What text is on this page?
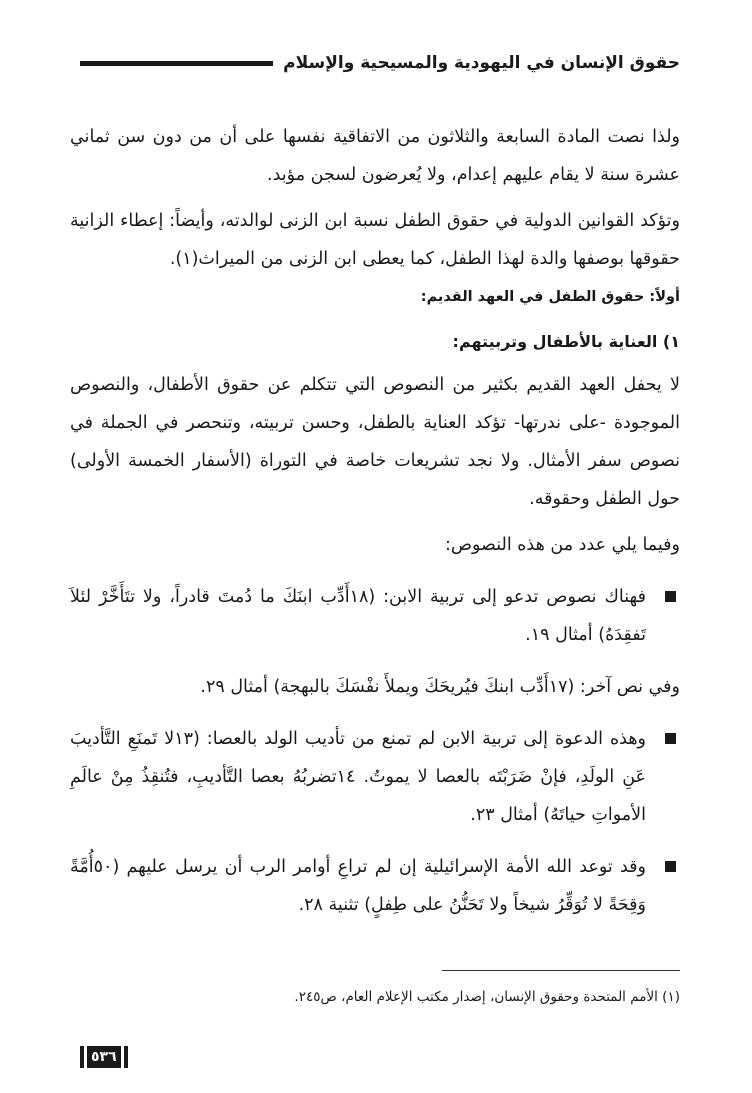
حقوق الإنسان في اليهودية والمسيحية والإسلام

ولذا نصت المادة السابعة والثلاثون من الاتفاقية نفسها على أن من دون سن ثماني عشرة سنة لا يقام عليهم إعدام، ولا يُعرضون لسجن مؤبد.

وتؤكد القوانين الدولية في حقوق الطفل نسبة ابن الزنى لوالدته، وأيضاً: إعطاء الزانية حقوقها بوصفها والدة لهذا الطفل، كما يعطى ابن الزنى من الميراث(١).

أولاً: حقوق الطفل في العهد القديم:

١) العناية بالأطفال وتربيتهم:

لا يحفل العهد القديم بكثير من النصوص التي تتكلم عن حقوق الأطفال، والنصوص الموجودة -على ندرتها- تؤكد العناية بالطفل، وحسن تربيته، وتنحصر في الجملة في نصوص سفر الأمثال. ولا نجد تشريعات خاصة في التوراة (الأسفار الخمسة الأولى) حول الطفل وحقوقه.

وفيما يلي عدد من هذه النصوص:

فهناك نصوص تدعو إلى تربية الابن: (١٨أَدِّب ابنَكَ ما دُمتَ قادراً، ولا تتَأَخَّرْ لئلاَ تَفقِدَهُ) أمثال ١٩.

وفي نص آخر: (١٧أَدِّب ابنكَ فيُريحَكَ ويملأَ نفْسَكَ بالبهجة) أمثال ٢٩.

وهذه الدعوة إلى تربية الابن لم تمنع من تأديب الولد بالعصا: (١٣لا تَمنَعِ التَّأديبَ عَنِ الولَدِ، فإنْ ضَرَبْتَه بالعصا لا يموتُ. ١٤تضربُهُ بعصا التَّأديبِ، فتُنقِذُ مِنْ عالَمِ الأمواتِ حياتَهُ) أمثال ٢٣.

وقد توعد الله الأمة الإسرائيلية إن لم تراعِ أوامر الرب أن يرسل عليهم (٥٠أُمَّةً وَقِحَةً لا تُوَقِّرُ شيخاً ولا تَحَنُّنُ على طِفلٍ) تثنية ٢٨.

(١) الأمم المتحدة وحقوق الإنسان، إصدار مكتب الإعلام العام، ص٢٤٥.

٥٣٦
